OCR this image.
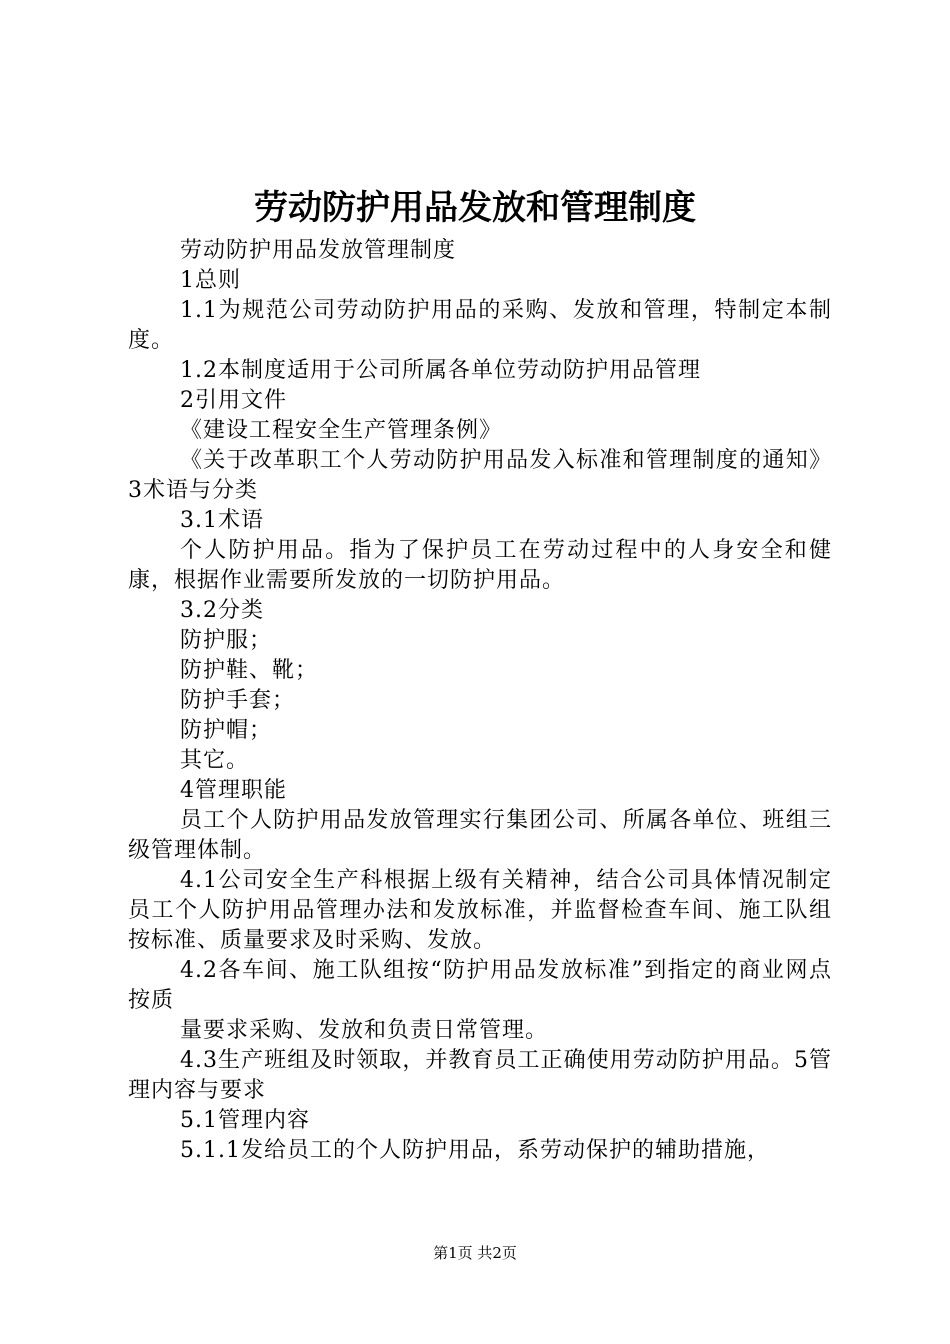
劳动防护用品发放和管理制度

劳动防护用品发放管理制度

1总则

1.1为规范公司劳动防护用品的采购、发放和管理，特制定本制度。

1.2本制度适用于公司所属各单位劳动防护用品管理

2引用文件

《建设工程安全生产管理条例》

《关于改革职工个人劳动防护用品发入标准和管理制度的通知》3术语与分类

3.1术语

个人防护用品。指为了保护员工在劳动过程中的人身安全和健康，根据作业需要所发放的一切防护用品。

3.2分类

防护服；

防护鞋、靴；

防护手套；

防护帽；

其它。

4管理职能

员工个人防护用品发放管理实行集团公司、所属各单位、班组三级管理体制。

4.1公司安全生产科根据上级有关精神，结合公司具体情况制定员工个人防护用品管理办法和发放标准，并监督检查车间、施工队组按标准、质量要求及时采购、发放。

4.2各车间、施工队组按“防护用品发放标准”到指定的商业网点按质

量要求采购、发放和负责日常管理。

4.3生产班组及时领取，并教育员工正确使用劳动防护用品。5管理内容与要求

5.1管理内容

5.1.1发给员工的个人防护用品，系劳动保护的辅助措施，

第1页 共2页
